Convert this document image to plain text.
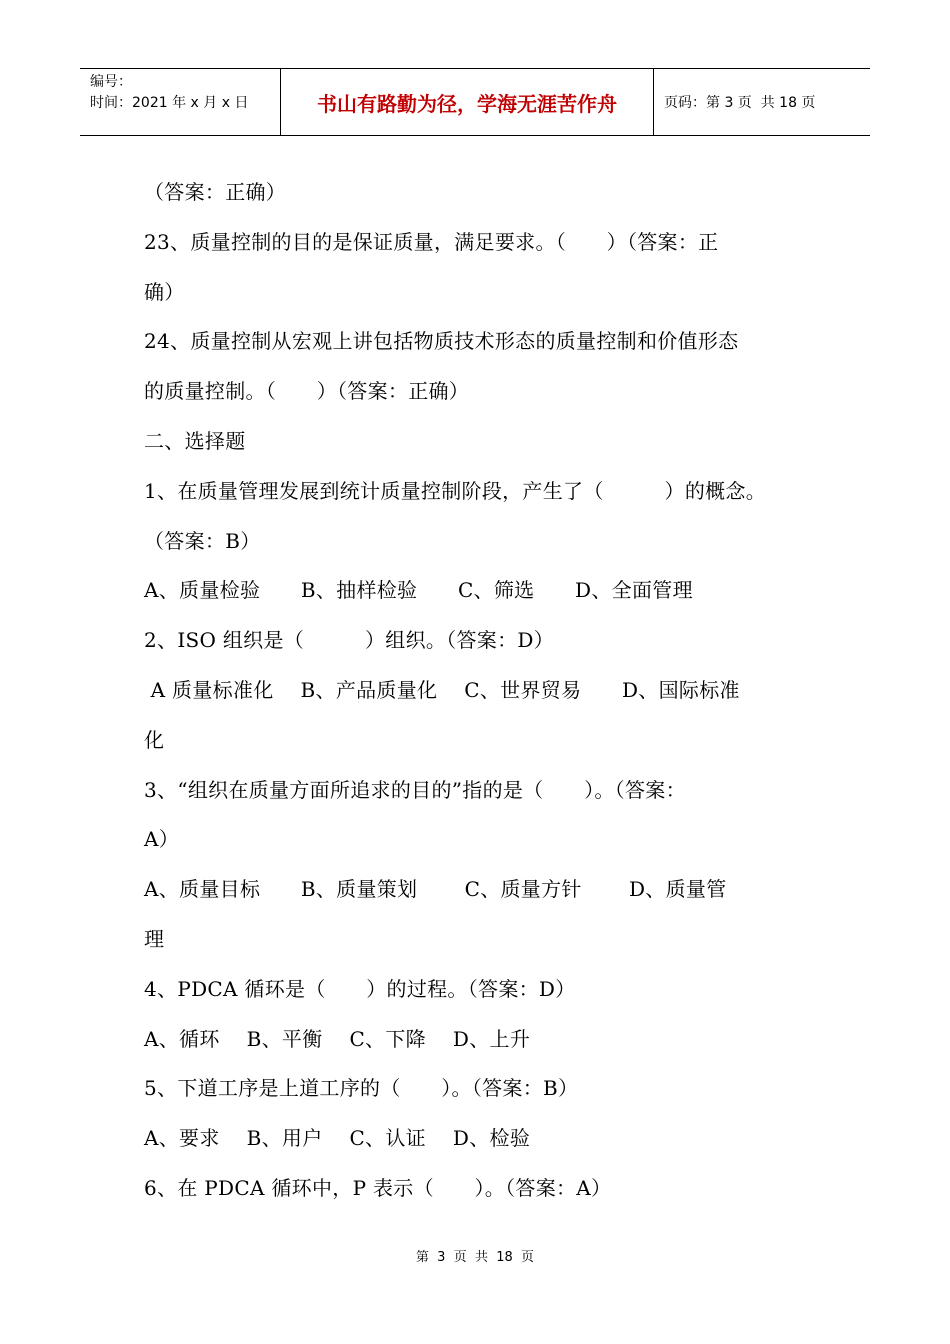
编号：
时间：2021 年 x 月 x 日	书山有路勤为径，学海无涯苦作舟	页码：第 3 页  共 18 页
（答案：正确）
23、质量控制的目的是保证质量，满足要求。（　　）（答案：正
确）
24、质量控制从宏观上讲包括物质技术形态的质量控制和价值形态
的质量控制。（　　）（答案：正确）
二、选择题
1、在质量管理发展到统计质量控制阶段，产生了（　　　）的概念。
（答案：B）
A、质量检验　　B、抽样检验　　C、筛选　　D、全面管理
2、ISO 组织是（　　　）组织。（答案：D）
A 质量标准化　 B、产品质量化　 C、世界贸易　　D、国际标准
化
3、“组织在质量方面所追求的目的”指的是（　　）。（答案：
A）
A、质量目标　　B、质量策划　　 C、质量方针　　 D、质量管
理
4、PDCA 循环是（　　）的过程。（答案：D）
A、循环　 B、平衡　 C、下降　 D、上升
5、下道工序是上道工序的（　　）。（答案：B）
A、要求　 B、用户　 C、认证　 D、检验
6、在 PDCA 循环中，P 表示（　　）。（答案：A）
第  3  页  共  18  页
